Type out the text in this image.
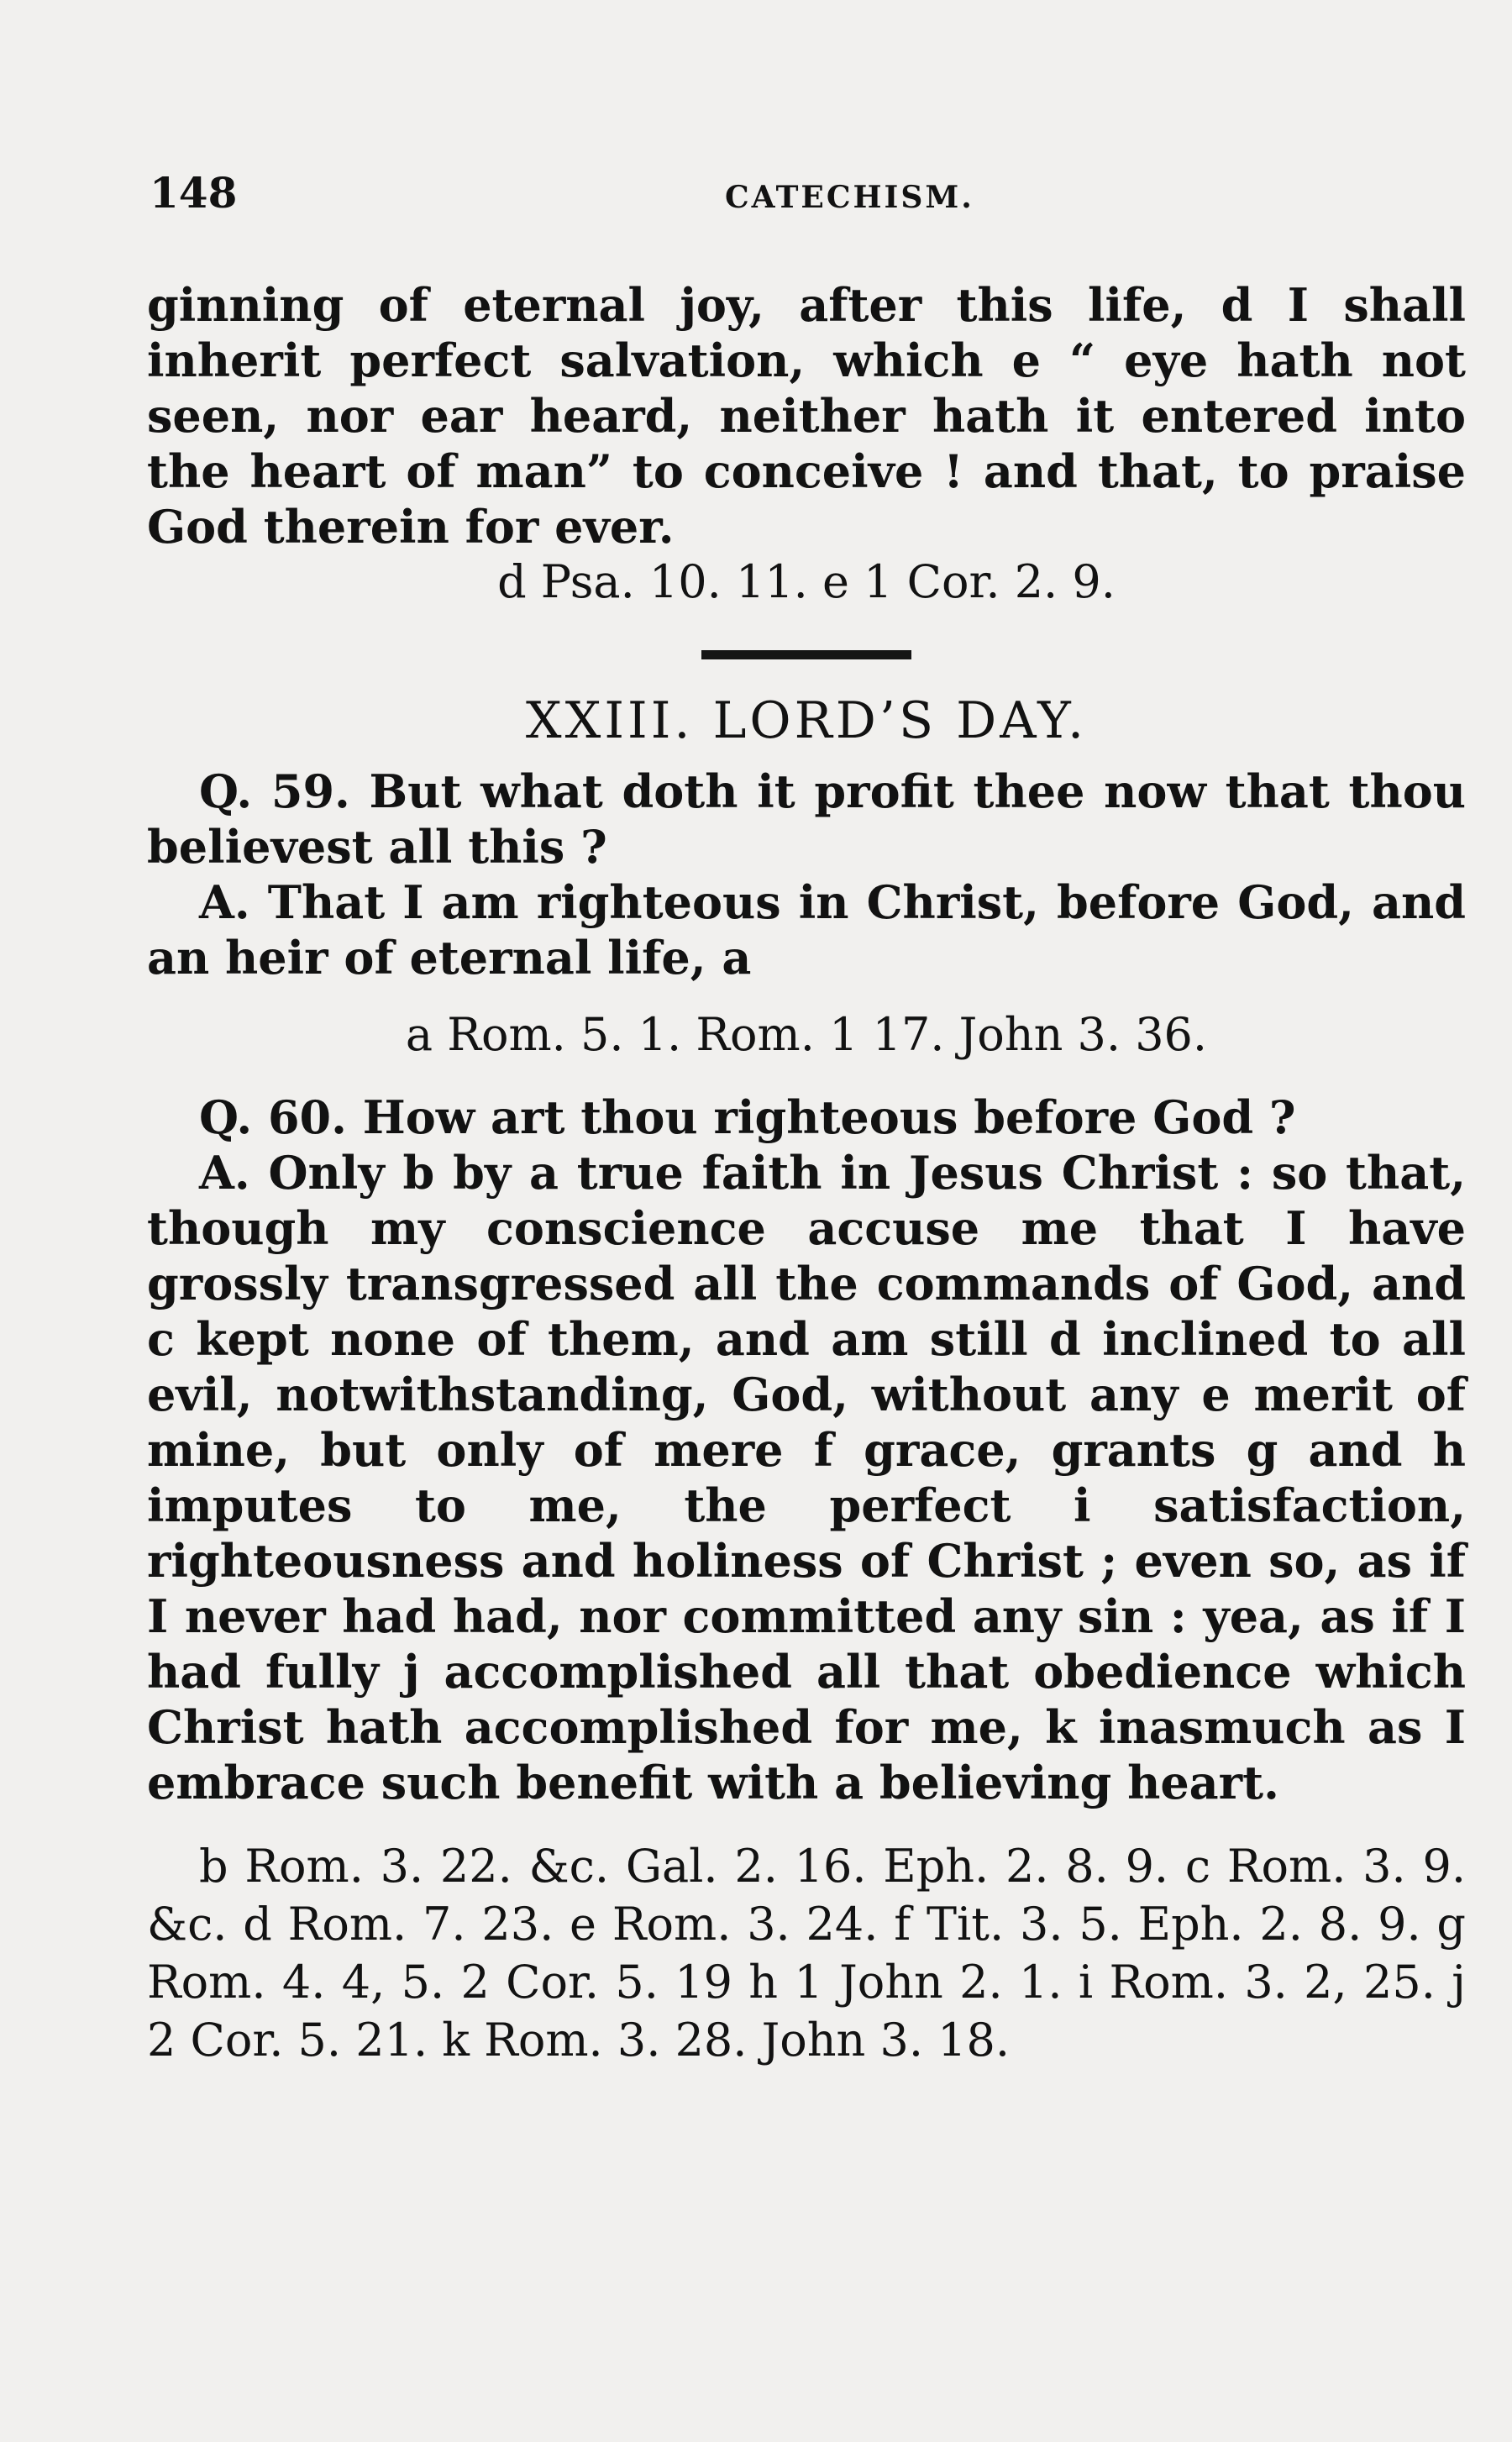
148	CATECHISM.

ginning of eternal joy, after this life, d I shall inherit perfect salvation, which e “ eye hath not seen, nor ear heard, neither hath it entered into the heart of man” to conceive ! and that, to praise God therein for ever.

d Psa. 10. 11. e 1 Cor. 2. 9.

XXIII. LORD’S DAY.

Q. 59. But what doth it profit thee now that thou believest all this ?

A. That I am righteous in Christ, before God, and an heir of eternal life, a

a Rom. 5. 1. Rom. 1 17. John 3. 36.

Q. 60. How art thou righteous before God ?

A. Only b by a true faith in Jesus Christ : so that, though my conscience accuse me that I have grossly transgressed all the commands of God, and c kept none of them, and am still d inclined to all evil, notwithstanding, God, without any e merit of mine, but only of mere f grace, grants g and h imputes to me, the perfect i satisfaction, righteousness and holiness of Christ ; even so, as if I never had had, nor committed any sin : yea, as if I had fully j accomplished all that obedience which Christ hath accomplished for me, k inasmuch as I embrace such benefit with a believing heart.

b Rom. 3. 22. &c. Gal. 2. 16. Eph. 2. 8. 9. c Rom. 3. 9. &c. d Rom. 7. 23. e Rom. 3. 24. f Tit. 3. 5. Eph. 2. 8. 9. g Rom. 4. 4, 5. 2 Cor. 5. 19 h 1 John 2. 1. i Rom. 3. 2, 25. j 2 Cor. 5. 21. k Rom. 3. 28. John 3. 18.
